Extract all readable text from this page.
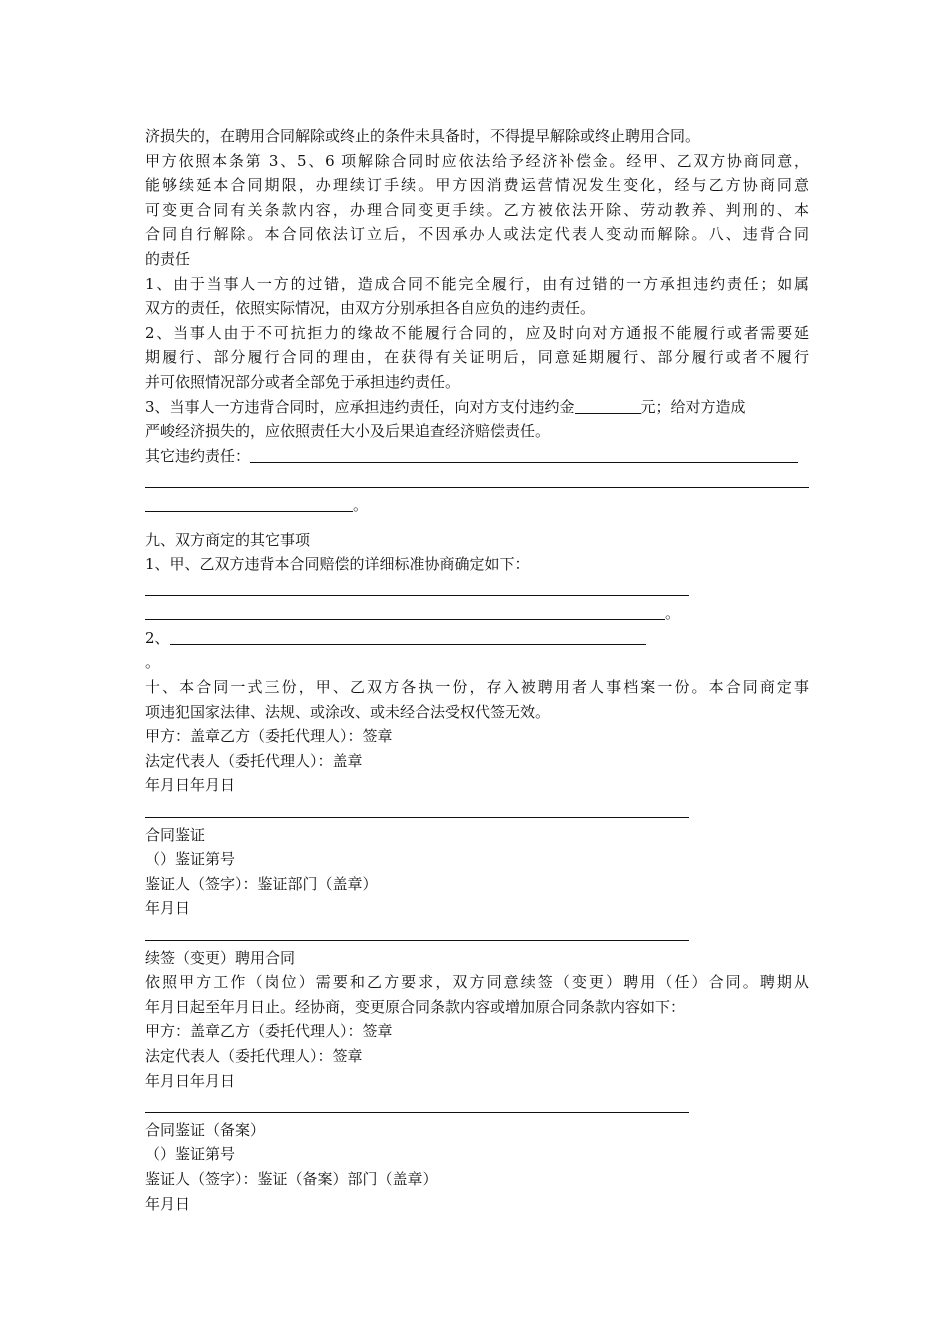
济损失的，在聘用合同解除或终止的条件未具备时，不得提早解除或终止聘用合同。
甲方依照本条第 3、5、6 项解除合同时应依法给予经济补偿金。经甲、乙双方协商同意，
能够续延本合同期限，办理续订手续。甲方因消费运营情况发生变化，经与乙方协商同意
可变更合同有关条款内容，办理合同变更手续。乙方被依法开除、劳动教养、判刑的、本
合同自行解除。本合同依法订立后，不因承办人或法定代表人变动而解除。八、违背合同
的责任
1、由于当事人一方的过错，造成合同不能完全履行，由有过错的一方承担违约责任；如属
双方的责任，依照实际情况，由双方分别承担各自应负的违约责任。
2、当事人由于不可抗拒力的缘故不能履行合同的，应及时向对方通报不能履行或者需要延
期履行、部分履行合同的理由，在获得有关证明后，同意延期履行、部分履行或者不履行
并可依照情况部分或者全部免于承担违约责任。
3、当事人一方违背合同时，应承担违约责任，向对方支付违约金	元；给对方造成
严峻经济损失的，应依照责任大小及后果追查经济赔偿责任。
其它违约责任：
。
九、双方商定的其它事项
1、甲、乙双方违背本合同赔偿的详细标准协商确定如下：
。
2、
。
十、本合同一式三份，甲、乙双方各执一份，存入被聘用者人事档案一份。本合同商定事
项违犯国家法律、法规、或涂改、或未经合法受权代签无效。
甲方：盖章乙方（委托代理人）：签章
法定代表人（委托代理人）：盖章
年月日年月日
合同鉴证
（）鉴证第号
鉴证人（签字）：鉴证部门（盖章）
年月日
续签（变更）聘用合同
依照甲方工作（岗位）需要和乙方要求，双方同意续签（变更）聘用（任）合同。聘期从
年月日起至年月日止。经协商，变更原合同条款内容或增加原合同条款内容如下：
甲方：盖章乙方（委托代理人）：签章
法定代表人（委托代理人）：签章
年月日年月日
合同鉴证（备案）
（）鉴证第号
鉴证人（签字）：鉴证（备案）部门（盖章）
年月日
